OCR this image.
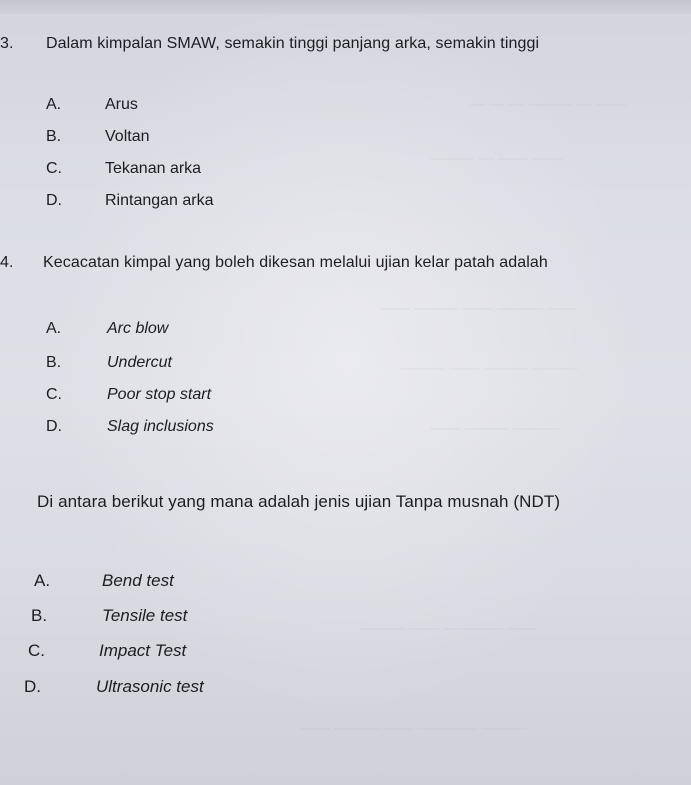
— — — ——— — ——
——— — —— ——
—— ——— —— ——— ——
——— —— ——— ———
—— ——— ———
——— —— ———— ——
—— ——— —— ———— ———
3. Dalam kimpalan SMAW, semakin tinggi panjang arka, semakin tinggi
A.	Arus
B.	Voltan
C.	Tekanan arka
D.	Rintangan arka
4. Kecacatan kimpal yang boleh dikesan melalui ujian kelar patah adalah
A.	Arc blow
B.	Undercut
C.	Poor stop start
D.	Slag inclusions
Di antara berikut yang mana adalah jenis ujian Tanpa musnah (NDT)
A.	Bend test
B.	Tensile test
C.	Impact Test
D.	Ultrasonic test
